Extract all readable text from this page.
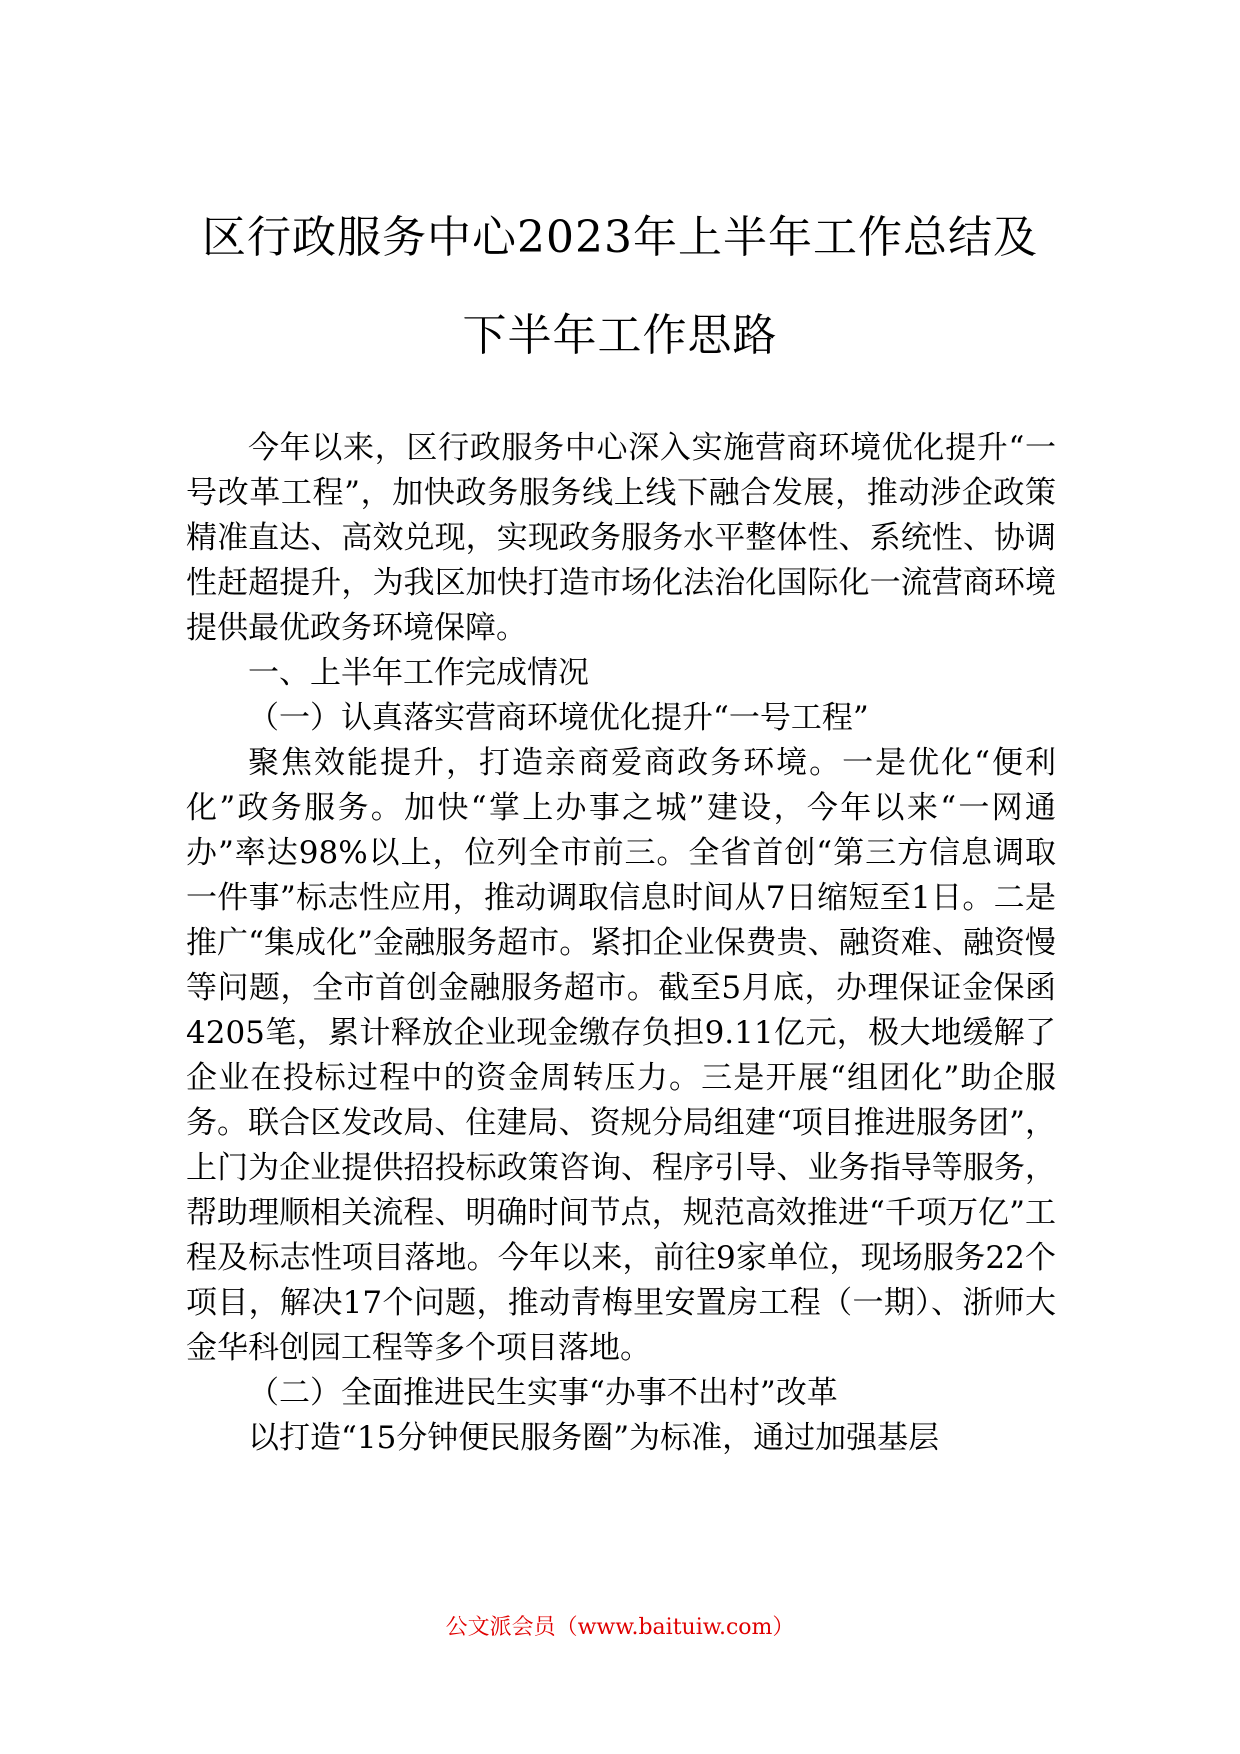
区行政服务中心2023年上半年工作总结及
下半年工作思路

今年以来，区行政服务中心深入实施营商环境优化提升“一号改革工程”，加快政务服务线上线下融合发展，推动涉企政策精准直达、高效兑现，实现政务服务水平整体性、系统性、协调性赶超提升，为我区加快打造市场化法治化国际化一流营商环境提供最优政务环境保障。

一、上半年工作完成情况

（一）认真落实营商环境优化提升“一号工程”

聚焦效能提升，打造亲商爱商政务环境。一是优化“便利化”政务服务。加快“掌上办事之城”建设，今年以来“一网通办”率达98%以上，位列全市前三。全省首创“第三方信息调取一件事”标志性应用，推动调取信息时间从7日缩短至1日。二是推广“集成化”金融服务超市。紧扣企业保费贵、融资难、融资慢等问题，全市首创金融服务超市。截至5月底，办理保证金保函4205笔，累计释放企业现金缴存负担9.11亿元，极大地缓解了企业在投标过程中的资金周转压力。三是开展“组团化”助企服务。联合区发改局、住建局、资规分局组建“项目推进服务团”，上门为企业提供招投标政策咨询、程序引导、业务指导等服务，帮助理顺相关流程、明确时间节点，规范高效推进“千项万亿”工程及标志性项目落地。今年以来，前往9家单位，现场服务22个项目，解决17个问题，推动青梅里安置房工程（一期）、浙师大金华科创园工程等多个项目落地。

（二）全面推进民生实事“办事不出村”改革

以打造“15分钟便民服务圈”为标准，通过加强基层

公文派会员（www.baituiw.com）
